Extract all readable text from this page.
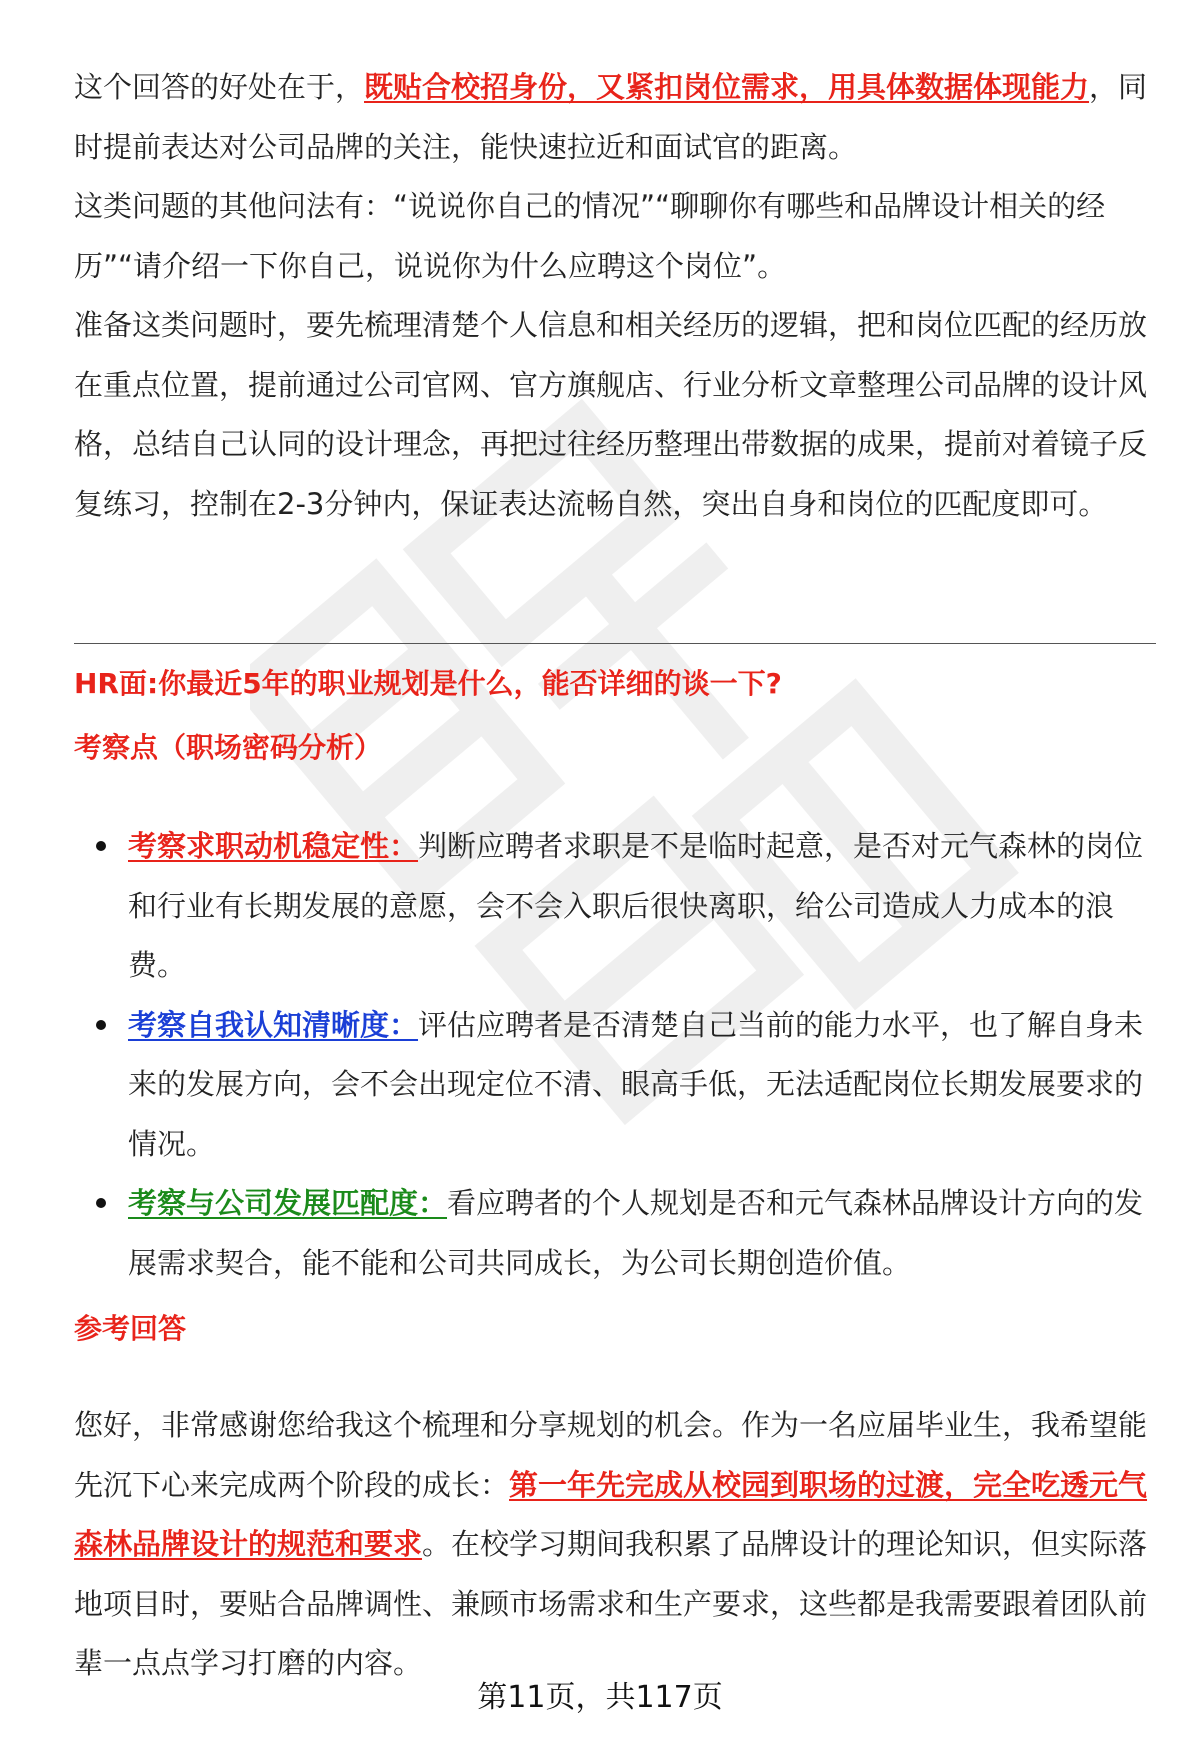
这个回答的好处在于，既贴合校招身份，又紧扣岗位需求，用具体数据体现能力，同时提前表达对公司品牌的关注，能快速拉近和面试官的距离。

这类问题的其他问法有：“说说你自己的情况”“聊聊你有哪些和品牌设计相关的经历”“请介绍一下你自己，说说你为什么应聘这个岗位”。

准备这类问题时，要先梳理清楚个人信息和相关经历的逻辑，把和岗位匹配的经历放在重点位置，提前通过公司官网、官方旗舰店、行业分析文章整理公司品牌的设计风格，总结自己认同的设计理念，再把过往经历整理出带数据的成果，提前对着镜子反复练习，控制在2-3分钟内，保证表达流畅自然，突出自身和岗位的匹配度即可。

HR面:你最近5年的职业规划是什么，能否详细的谈一下?

考察点（职场密码分析）

考察求职动机稳定性：判断应聘者求职是不是临时起意，是否对元气森林的岗位和行业有长期发展的意愿，会不会入职后很快离职，给公司造成人力成本的浪费。
考察自我认知清晰度：评估应聘者是否清楚自己当前的能力水平，也了解自身未来的发展方向，会不会出现定位不清、眼高手低，无法适配岗位长期发展要求的情况。
考察与公司发展匹配度：看应聘者的个人规划是否和元气森林品牌设计方向的发展需求契合，能不能和公司共同成长，为公司长期创造价值。

参考回答

您好，非常感谢您给我这个梳理和分享规划的机会。作为一名应届毕业生，我希望能先沉下心来完成两个阶段的成长：第一年先完成从校园到职场的过渡，完全吃透元气森林品牌设计的规范和要求。在校学习期间我积累了品牌设计的理论知识，但实际落地项目时，要贴合品牌调性、兼顾市场需求和生产要求，这些都是我需要跟着团队前辈一点点学习打磨的内容。

第11页，共117页
